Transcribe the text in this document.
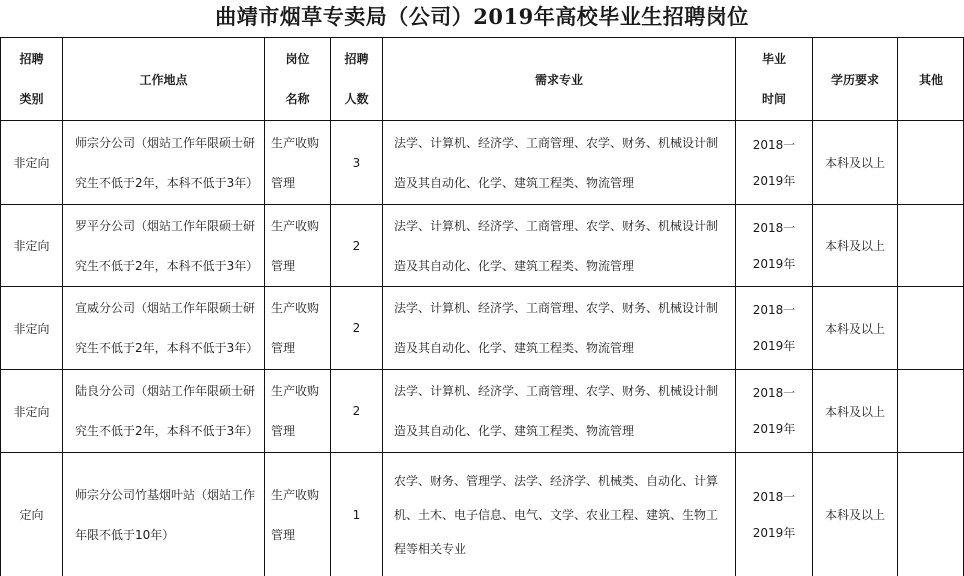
曲靖市烟草专卖局（公司）2019年高校毕业生招聘岗位
招聘
类别
工作地点
岗位
名称
招聘
人数
需求专业
毕业
时间
学历要求	其他
非定向
师宗分公司（烟站工作年限硕士研
究生不低于2年，本科不低于3年）
生产收购
管理
3
法学、计算机、经济学、工商管理、农学、财务、机械设计制
造及其自动化、化学、建筑工程类、物流管理
2018一
2019年
本科及以上
非定向
罗平分公司（烟站工作年限硕士研
究生不低于2年，本科不低于3年）
生产收购
管理
2
法学、计算机、经济学、工商管理、农学、财务、机械设计制
造及其自动化、化学、建筑工程类、物流管理
2018一
2019年
本科及以上
非定向
宣威分公司（烟站工作年限硕士研
究生不低于2年，本科不低于3年）
生产收购
管理
2
法学、计算机、经济学、工商管理、农学、财务、机械设计制
造及其自动化、化学、建筑工程类、物流管理
2018一
2019年
本科及以上
非定向
陆良分公司（烟站工作年限硕士研
究生不低于2年，本科不低于3年）
生产收购
管理
2
法学、计算机、经济学、工商管理、农学、财务、机械设计制
造及其自动化、化学、建筑工程类、物流管理
2018一
2019年
本科及以上
定向
师宗分公司竹基烟叶站（烟站工作
年限不低于10年）
生产收购
管理
1
农学、财务、管理学、法学、经济学、机械类、自动化、计算
机、土木、电子信息、电气、文学、农业工程、建筑、生物工
程等相关专业
2018一
2019年
本科及以上
